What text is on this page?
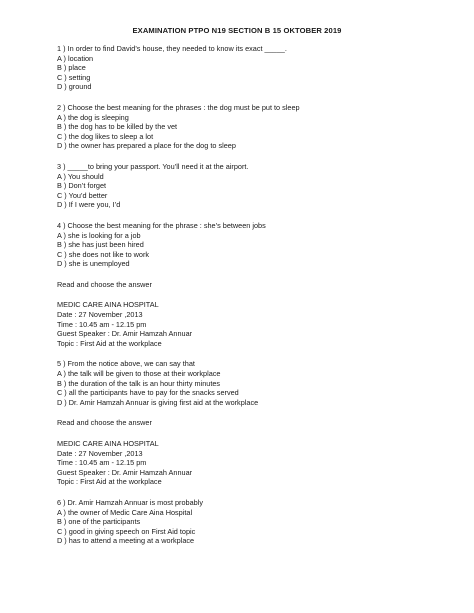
EXAMINATION PTPO N19 SECTION B 15 OKTOBER 2019
1 ) In order to find David’s house, they needed to know its exact _____.
A ) location
B ) place
C ) setting
D ) ground
2 ) Choose the best meaning for the phrases : the dog must be put to sleep
A ) the dog is sleeping
B ) the dog has to be killed by the vet
C ) the dog likes to sleep a lot
D ) the owner has prepared a place for the dog to sleep
3 ) _____to bring your passport. You’ll need it at the airport.
A ) You should
B ) Don’t forget
C ) You’d better
D ) If I were you, I’d
4 ) Choose the best meaning for the phrase : she’s between jobs
A ) she is looking for a job
B ) she has just been hired
C ) she does not like to work
D ) she is unemployed
Read and choose the answer
MEDIC CARE AINA HOSPITAL
Date : 27 November ,2013
Time : 10.45 am - 12.15 pm
Guest Speaker : Dr. Amir Hamzah Annuar
Topic : First Aid at the workplace
5 ) From the notice above, we can say that
A ) the talk will be given to those at their workplace
B ) the duration of the talk is an hour thirty minutes
C ) all the participants have to pay for the snacks served
D ) Dr. Amir Hamzah Annuar is giving first aid at the workplace
Read and choose the answer
MEDIC CARE AINA HOSPITAL
Date : 27 November ,2013
Time : 10.45 am - 12.15 pm
Guest Speaker : Dr. Amir Hamzah Annuar
Topic : First Aid at the workplace
6 ) Dr. Amir Hamzah Annuar is most probably
A ) the owner of Medic Care Aina Hospital
B ) one of the participants
C ) good in giving speech on First Aid topic
D ) has to attend a meeting at a workplace
